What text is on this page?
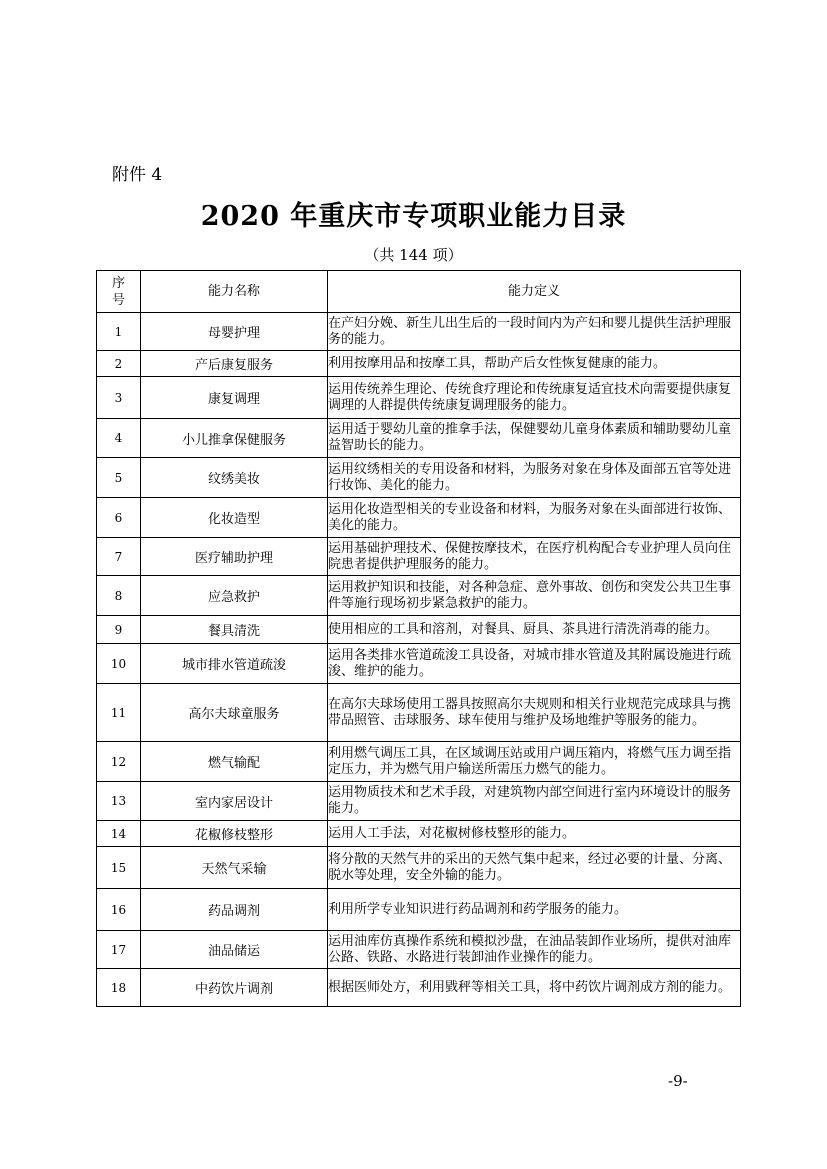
附件 4
2020 年重庆市专项职业能力目录
（共 144 项）
序号	能力名称	能力定义
1	母婴护理	在产妇分娩、新生儿出生后的一段时间内为产妇和婴儿提供生活护理服务的能力。
2	产后康复服务	利用按摩用品和按摩工具，帮助产后女性恢复健康的能力。
3	康复调理	运用传统养生理论、传统食疗理论和传统康复适宜技术向需要提供康复调理的人群提供传统康复调理服务的能力。
4	小儿推拿保健服务	运用适于婴幼儿童的推拿手法，保健婴幼儿童身体素质和辅助婴幼儿童益智助长的能力。
5	纹绣美妆	运用纹绣相关的专用设备和材料，为服务对象在身体及面部五官等处进行妆饰、美化的能力。
6	化妆造型	运用化妆造型相关的专业设备和材料，为服务对象在头面部进行妆饰、美化的能力。
7	医疗辅助护理	运用基础护理技术、保健按摩技术，在医疗机构配合专业护理人员向住院患者提供护理服务的能力。
8	应急救护	运用救护知识和技能，对各种急症、意外事故、创伤和突发公共卫生事件等施行现场初步紧急救护的能力。
9	餐具清洗	使用相应的工具和溶剂，对餐具、厨具、茶具进行清洗消毒的能力。
10	城市排水管道疏浚	运用各类排水管道疏浚工具设备，对城市排水管道及其附属设施进行疏浚、维护的能力。
11	高尔夫球童服务	在高尔夫球场使用工器具按照高尔夫规则和相关行业规范完成球具与携带品照管、击球服务、球车使用与维护及场地维护等服务的能力。
12	燃气输配	利用燃气调压工具，在区域调压站或用户调压箱内，将燃气压力调至指定压力，并为燃气用户输送所需压力燃气的能力。
13	室内家居设计	运用物质技术和艺术手段，对建筑物内部空间进行室内环境设计的服务能力。
14	花椒修枝整形	运用人工手法，对花椒树修枝整形的能力。
15	天然气采输	将分散的天然气井的采出的天然气集中起来，经过必要的计量、分离、脱水等处理，安全外输的能力。
16	药品调剂	利用所学专业知识进行药品调剂和药学服务的能力。
17	油品储运	运用油库仿真操作系统和模拟沙盘，在油品装卸作业场所，提供对油库公路、铁路、水路进行装卸油作业操作的能力。
18	中药饮片调剂	根据医师处方，利用戥秤等相关工具，将中药饮片调剂成方剂的能力。
-9-
